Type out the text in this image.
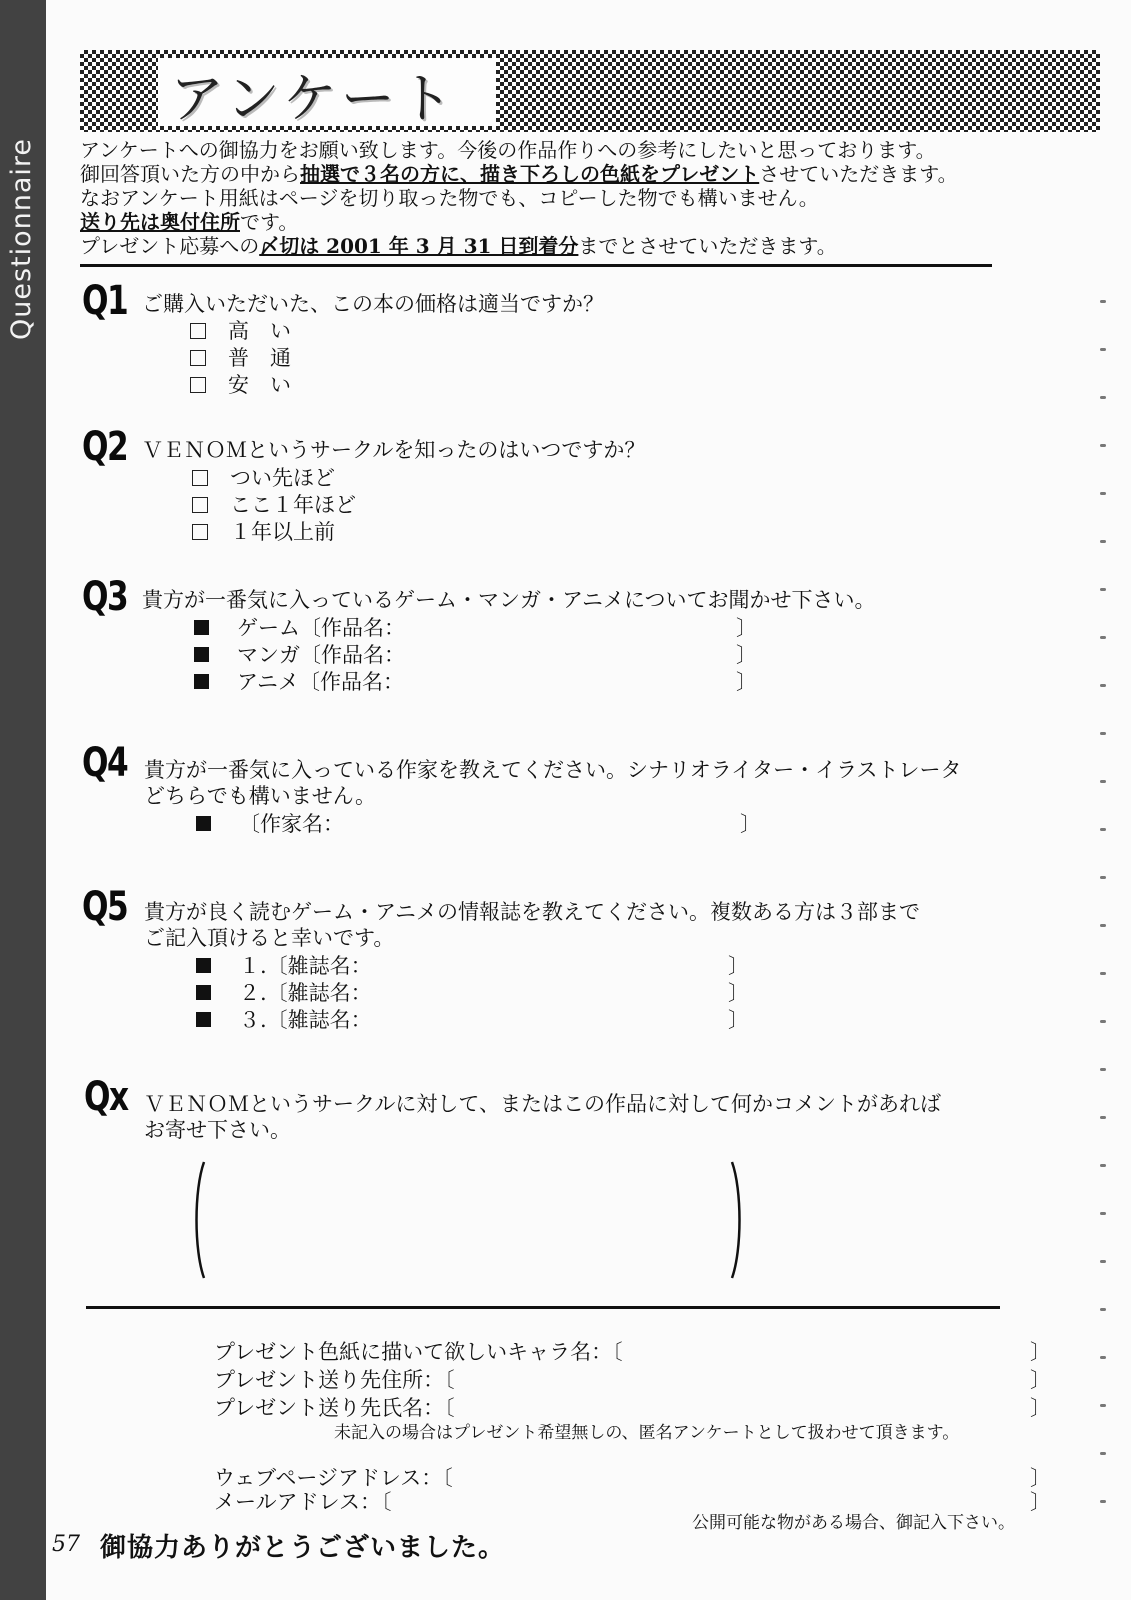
Questionnaire
アンケート
アンケートへの御協力をお願い致します。今後の作品作りへの参考にしたいと思っております。
御回答頂いた方の中から抽選で３名の方に、描き下ろしの色紙をプレゼントさせていただきます。
なおアンケート用紙はページを切り取った物でも、コピーした物でも構いません。
送り先は奥付住所です。
プレゼント応募への〆切は 2001 年 3 月 31 日到着分までとさせていただきます。
Q1 ご購入いただいた、この本の価格は適当ですか？
高　い
普　通
安　い
Q2 ＶＥＮＯＭというサークルを知ったのはいつですか？
つい先ほど
ここ１年ほど
１年以上前
Q3 貴方が一番気に入っているゲーム・マンガ・アニメについてお聞かせ下さい。
ゲーム〔作品名：
マンガ〔作品名：
アニメ〔作品名：
〕
〕
〕
Q4 貴方が一番気に入っている作家を教えてください。シナリオライター・イラストレータ
どちらでも構いません。
〔作家名：	〕
Q5 貴方が良く読むゲーム・アニメの情報誌を教えてください。複数ある方は３部まで
ご記入頂けると幸いです。
１.〔雑誌名：
２.〔雑誌名：
３.〔雑誌名：
〕
〕
〕
Qx ＶＥＮＯＭというサークルに対して、またはこの作品に対して何かコメントがあれば
お寄せ下さい。
プレゼント色紙に描いて欲しいキャラ名：〔
プレゼント送り先住所：〔
プレゼント送り先氏名：〔
〕
〕
〕
未記入の場合はプレゼント希望無しの、匿名アンケートとして扱わせて頂きます。
ウェブページアドレス：〔
メールアドレス：〔
〕
〕
公開可能な物がある場合、御記入下さい。
57 御協力ありがとうございました。
